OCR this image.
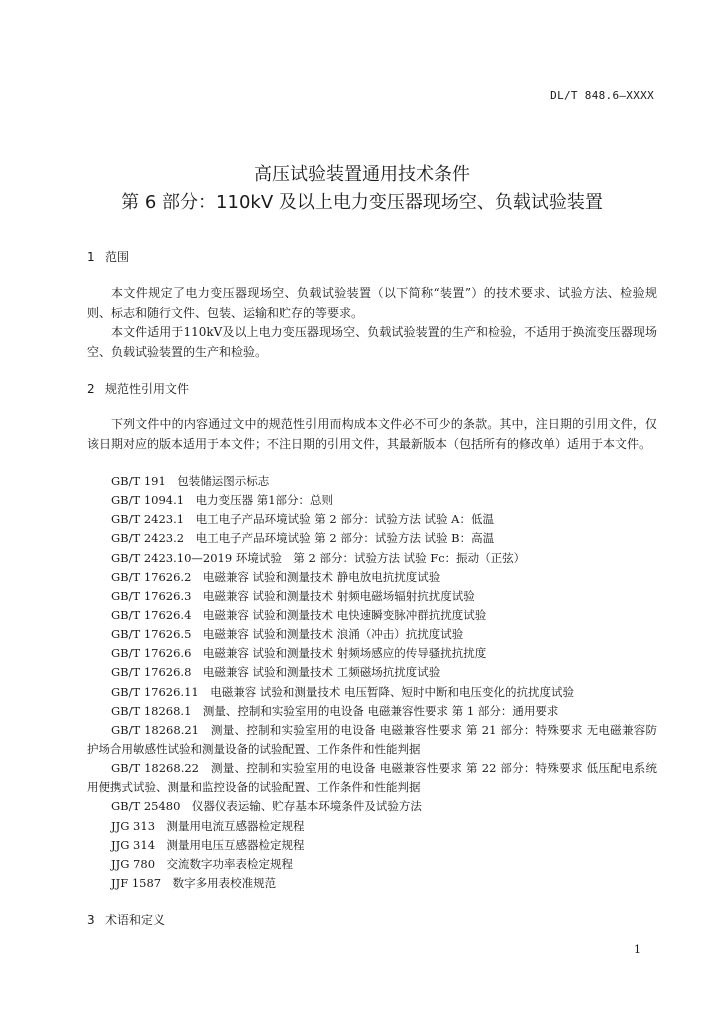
DL/T 848.6—XXXX
高压试验装置通用技术条件
第 6 部分：110kV 及以上电力变压器现场空、负载试验装置
1 范围
本文件规定了电力变压器现场空、负载试验装置（以下简称“装置”）的技术要求、试验方法、检验规则、标志和随行文件、包装、运输和贮存的等要求。
本文件适用于110kV及以上电力变压器现场空、负载试验装置的生产和检验，不适用于换流变压器现场空、负载试验装置的生产和检验。
2 规范性引用文件
下列文件中的内容通过文中的规范性引用而构成本文件必不可少的条款。其中，注日期的引用文件，仅该日期对应的版本适用于本文件；不注日期的引用文件，其最新版本（包括所有的修改单）适用于本文件。
GB/T 191　包装储运图示标志
GB/T 1094.1　电力变压器 第1部分：总则
GB/T 2423.1　电工电子产品环境试验 第 2 部分：试验方法 试验 A：低温
GB/T 2423.2　电工电子产品环境试验 第 2 部分：试验方法 试验 B：高温
GB/T 2423.10—2019 环境试验　第 2 部分：试验方法 试验 Fc：振动（正弦）
GB/T 17626.2　电磁兼容 试验和测量技术 静电放电抗扰度试验
GB/T 17626.3　电磁兼容 试验和测量技术 射频电磁场辐射抗扰度试验
GB/T 17626.4　电磁兼容 试验和测量技术 电快速瞬变脉冲群抗扰度试验
GB/T 17626.5　电磁兼容 试验和测量技术 浪涌（冲击）抗扰度试验
GB/T 17626.6　电磁兼容 试验和测量技术 射频场感应的传导骚扰抗扰度
GB/T 17626.8　电磁兼容 试验和测量技术 工频磁场抗扰度试验
GB/T 17626.11　电磁兼容 试验和测量技术 电压暂降、短时中断和电压变化的抗扰度试验
GB/T 18268.1　测量、控制和实验室用的电设备 电磁兼容性要求 第 1 部分：通用要求
GB/T 18268.21　测量、控制和实验室用的电设备 电磁兼容性要求 第 21 部分：特殊要求 无电磁兼容防护场合用敏感性试验和测量设备的试验配置、工作条件和性能判据
GB/T 18268.22　测量、控制和实验室用的电设备 电磁兼容性要求 第 22 部分：特殊要求 低压配电系统用便携式试验、测量和监控设备的试验配置、工作条件和性能判据
GB/T 25480　仪器仪表运输、贮存基本环境条件及试验方法
JJG 313　测量用电流互感器检定规程
JJG 314　测量用电压互感器检定规程
JJG 780　交流数字功率表检定规程
JJF 1587　数字多用表校准规范
3 术语和定义
1
